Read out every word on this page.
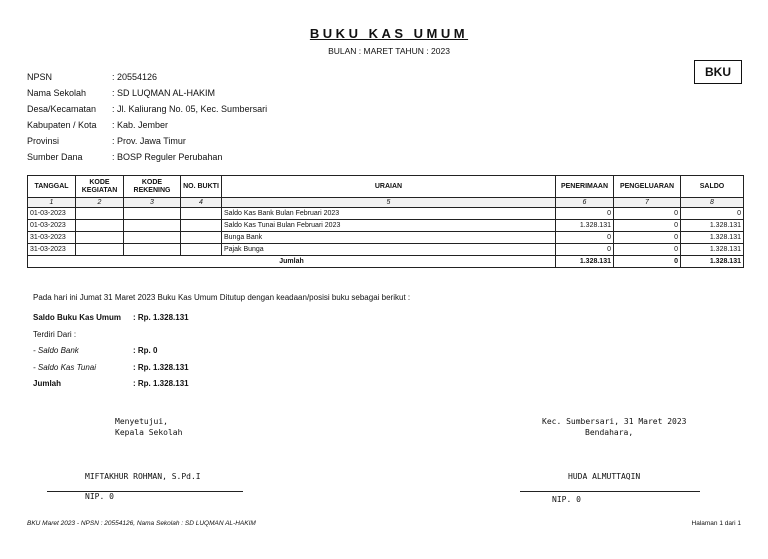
BUKU KAS UMUM
BULAN : MARET TAHUN : 2023
BKU
NPSN	: 20554126
Nama Sekolah	: SD LUQMAN AL-HAKIM
Desa/Kecamatan	: Jl. Kaliurang No. 05, Kec. Sumbersari
Kabupaten / Kota	: Kab. Jember
Provinsi	: Prov. Jawa Timur
Sumber Dana	: BOSP Reguler Perubahan
TANGGAL	KODE KEGIATAN	KODE REKENING	NO. BUKTI	URAIAN	PENERIMAAN	PENGELUARAN	SALDO
1	2	3	4	5	6	7	8
01-03-2023				Saldo Kas Bank Bulan Februari 2023	0	0	0
01-03-2023				Saldo Kas Tunai Bulan Februari 2023	1.328.131	0	1.328.131
31-03-2023				Bunga Bank	0	0	1.328.131
31-03-2023				Pajak Bunga	0	0	1.328.131
Jumlah					1.328.131	0	1.328.131
Pada hari ini Jumat 31 Maret 2023 Buku Kas Umum Ditutup dengan keadaan/posisi buku sebagai berikut :
Saldo Buku Kas Umum : Rp. 1.328.131
Terdiri Dari :
- Saldo Bank	: Rp. 0
- Saldo Kas Tunai	: Rp. 1.328.131
Jumlah	: Rp. 1.328.131
Menyetujui,
Kepala Sekolah
MIFTAKHUR ROHMAN, S.Pd.I
NIP. 0
Kec. Sumbersari, 31 Maret 2023
Bendahara,
HUDA ALMUTTAQIN
NIP. 0
BKU Maret 2023 - NPSN : 20554126, Nama Sekolah : SD LUQMAN AL-HAKIM	Halaman 1 dari 1
